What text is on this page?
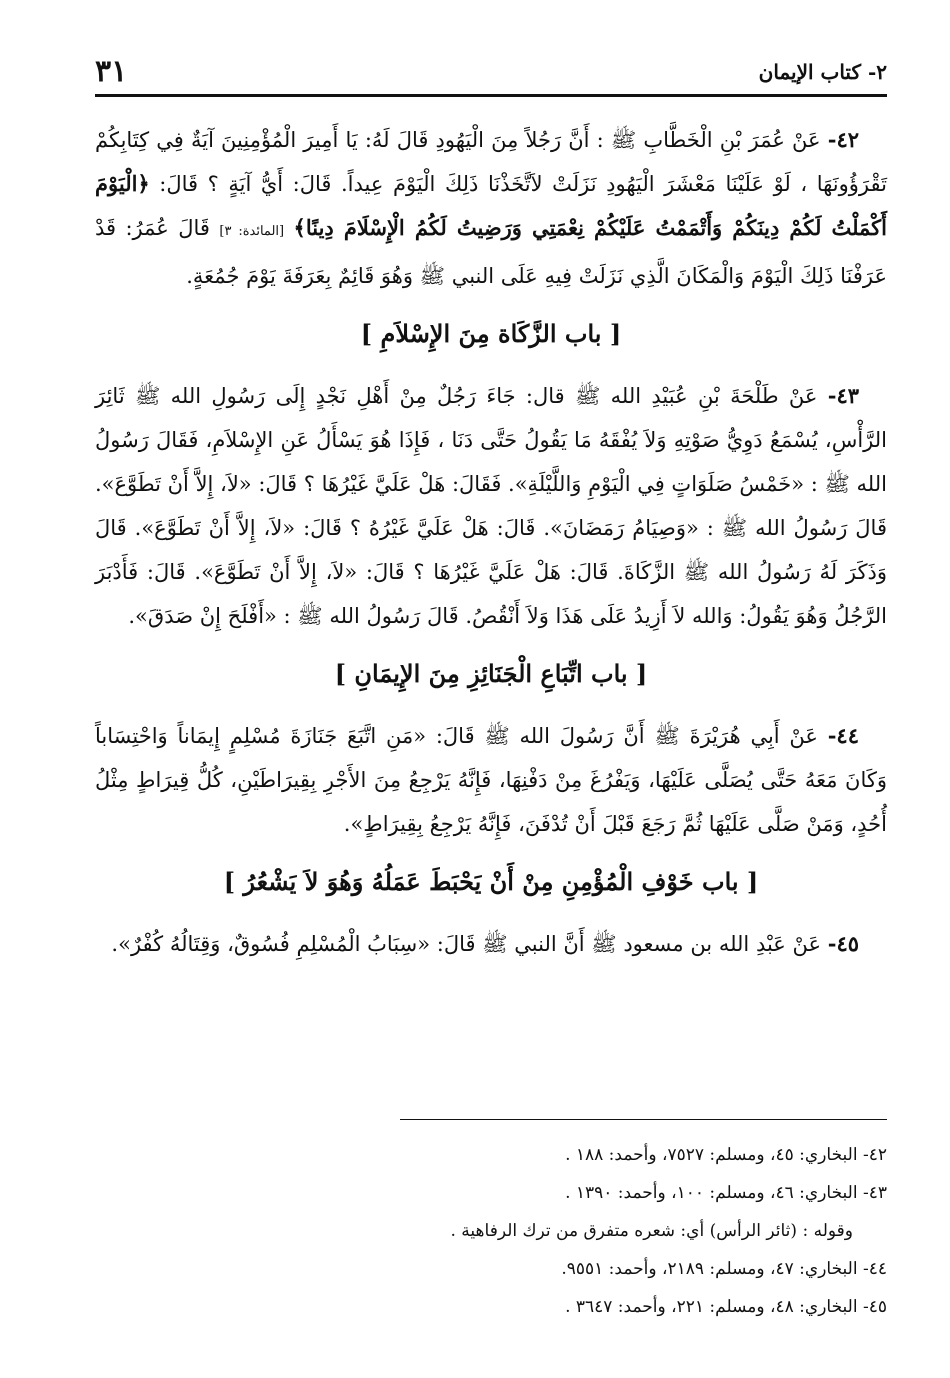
٢- كتاب الإيمان
٣١

٤٢- عَنْ عُمَرَ بْنِ الْخَطَّابِ ﷺ : أَنَّ رَجُلاً مِنَ الْيَهُودِ قَالَ لَهُ: يَا أَمِيرَ الْمُؤْمِنِينَ آيَةٌ فِي كِتَابِكُمْ تَقْرَؤُونَهَا ، لَوْ عَلَيْنَا مَعْشَرَ الْيَهُودِ نَزَلَتْ لاَتَّخَذْنَا ذَلِكَ الْيَوْمَ عِيداً. قَالَ: أَيُّ آيَةٍ ؟ قَالَ: ﴿الْيَوْمَ أَكْمَلْتُ لَكُمْ دِينَكُمْ وَأَتْمَمْتُ عَلَيْكُمْ نِعْمَتِي وَرَضِيتُ لَكُمُ الْإِسْلَامَ دِينًا﴾ [المائدة: ٣] قَالَ عُمَرُ: قَدْ عَرَفْنَا ذَلِكَ الْيَوْمَ وَالْمَكَانَ الَّذِي نَزَلَتْ فِيهِ عَلَى النبي ﷺ وَهُوَ قَائِمٌ بِعَرَفَةَ يَوْمَ جُمُعَةٍ.

[ باب الزَّكَاة مِنَ الإِسْلاَمِ ]

٤٣- عَنْ طَلْحَةَ بْنِ عُبَيْدِ الله ﷺ قال: جَاءَ رَجُلٌ مِنْ أَهْلِ نَجْدٍ إِلَى رَسُولِ الله ﷺ ثَائِرَ الرَّأْسِ، يُسْمَعُ دَوِيُّ صَوْتِهِ وَلاَ يُفْقَهُ مَا يَقُولُ حَتَّى دَنَا ، فَإِذَا هُوَ يَسْأَلُ عَنِ الإِسْلاَمِ، فَقَالَ رَسُولُ الله ﷺ : «خَمْسُ صَلَوَاتٍ فِي الْيَوْمِ وَاللَّيْلَةِ». فَقَالَ: هَلْ عَلَيَّ غَيْرُهَا ؟ قَالَ: «لاَ، إِلاَّ أَنْ تَطَوَّعَ». قَالَ رَسُولُ الله ﷺ : «وَصِيَامُ رَمَضَانَ». قَالَ: هَلْ عَلَيَّ غَيْرُهُ ؟ قَالَ: «لاَ، إِلاَّ أَنْ تَطَوَّعَ». قَالَ وَذَكَرَ لَهُ رَسُولُ الله ﷺ الزَّكَاةَ. قَالَ: هَلْ عَلَيَّ غَيْرُهَا ؟ قَالَ: «لاَ، إِلاَّ أَنْ تَطَوَّعَ». قَالَ: فَأَدْبَرَ الرَّجُلُ وَهُوَ يَقُولُ: وَالله لاَ أَزِيدُ عَلَى هَذَا وَلاَ أَنْقُصُ. قَالَ رَسُولُ الله ﷺ : «أَفْلَحَ إِنْ صَدَقَ».

[ باب اتِّبَاعِ الْجَنَائِزِ مِنَ الإِيمَانِ ]

٤٤- عَنْ أَبِي هُرَيْرَةَ ﷺ أَنَّ رَسُولَ الله ﷺ قَالَ: «مَنِ اتَّبَعَ جَنَازَةَ مُسْلِمٍ إِيمَاناً وَاحْتِسَاباً وَكَانَ مَعَهُ حَتَّى يُصَلَّى عَلَيْهَا، وَيَفْرُغَ مِنْ دَفْنِهَا، فَإِنَّهُ يَرْجِعُ مِنَ الأَجْرِ بِقِيرَاطَيْنِ، كُلُّ قِيرَاطٍ مِثْلُ أُحُدٍ، وَمَنْ صَلَّى عَلَيْهَا ثُمَّ رَجَعَ قَبْلَ أَنْ تُدْفَنَ، فَإِنَّهُ يَرْجِعُ بِقِيرَاطٍ».

[ باب خَوْفِ الْمُؤْمِنِ مِنْ أَنْ يَحْبَطَ عَمَلُهُ وَهُوَ لاَ يَشْعُرُ ]

٤٥- عَنْ عَبْدِ الله بن مسعود ﷺ أَنَّ النبي ﷺ قَالَ: «سِبَابُ الْمُسْلِمِ فُسُوقٌ، وَقِتَالُهُ كُفْرٌ».

٤٢- البخاري: ٤٥، ومسلم: ٧٥٢٧، وأحمد: ١٨٨ .

٤٣- البخاري: ٤٦، ومسلم: ١٠٠، وأحمد: ١٣٩٠ .

وقوله : (ثائر الرأس) أي: شعره متفرق من ترك الرفاهية .

٤٤- البخاري: ٤٧، ومسلم: ٢١٨٩، وأحمد: ٩٥٥١.

٤٥- البخاري: ٤٨، ومسلم: ٢٢١، وأحمد: ٣٦٤٧ .
